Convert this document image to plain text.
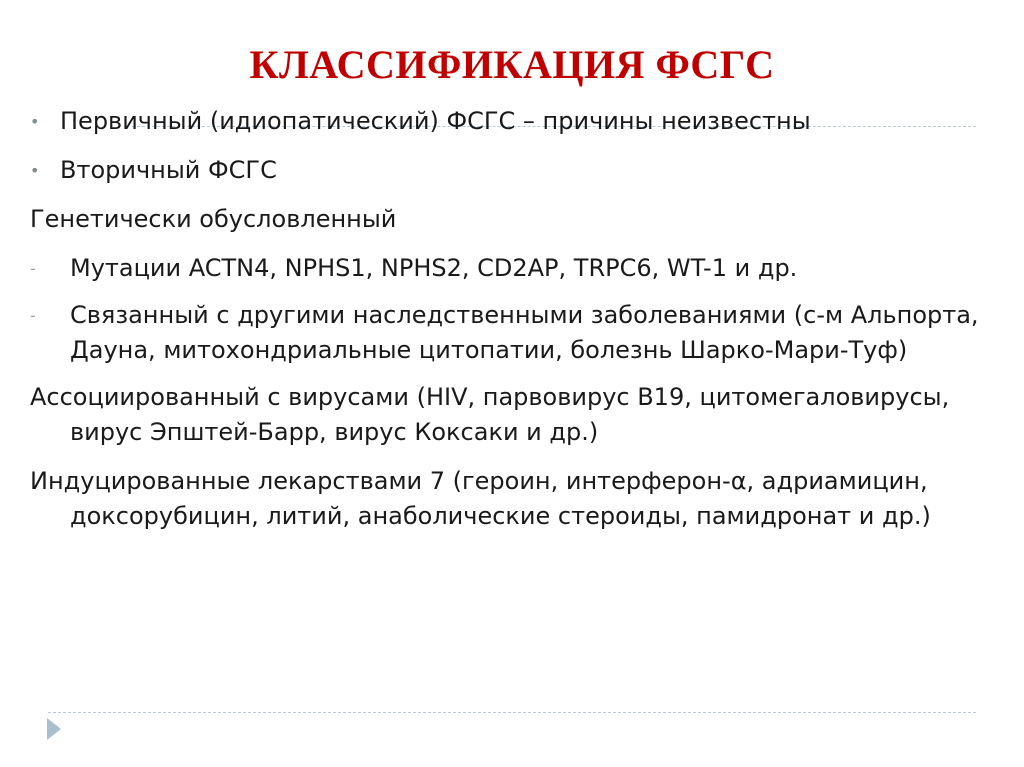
КЛАССИФИКАЦИЯ ФСГС
• Первичный (идиопатический) ФСГС – причины неизвестны
• Вторичный ФСГС
Генетически обусловленный
- Мутации ACTN4, NPHS1, NPHS2, CD2AP, TRPC6, WT-1 и др.
- Связанный с другими наследственными заболеваниями (с-м Альпорта, Дауна, митохондриальные цитопатии, болезнь Шарко-Мари-Туф)
Ассоциированный с вирусами (HIV, парвовирус В19, цитомегаловирусы, вирус Эпштей-Барр, вирус Коксаки и др.)
Индуцированные лекарствами 7 (героин, интерферон-α, адриамицин, доксорубицин, литий, анаболические стероиды, памидронат и др.)
